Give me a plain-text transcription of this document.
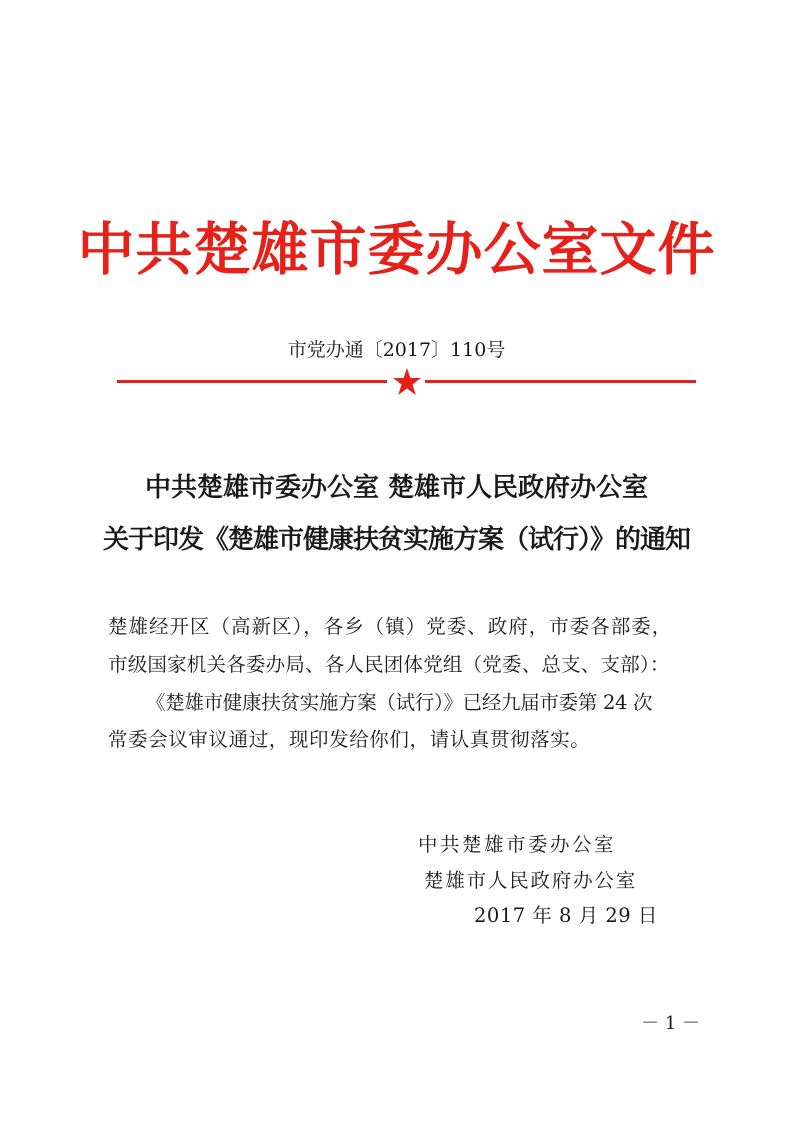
中共楚雄市委办公室文件
市党办通〔2017〕110号
中共楚雄市委办公室 楚雄市人民政府办公室
关于印发《楚雄市健康扶贫实施方案（试行）》的通知
楚雄经开区（高新区），各乡（镇）党委、政府，市委各部委，
市级国家机关各委办局、各人民团体党组（党委、总支、支部）：
《楚雄市健康扶贫实施方案（试行）》已经九届市委第 24 次
常委会议审议通过，现印发给你们，请认真贯彻落实。
中共楚雄市委办公室
楚雄市人民政府办公室
2017 年 8 月 29 日
－ 1 －
